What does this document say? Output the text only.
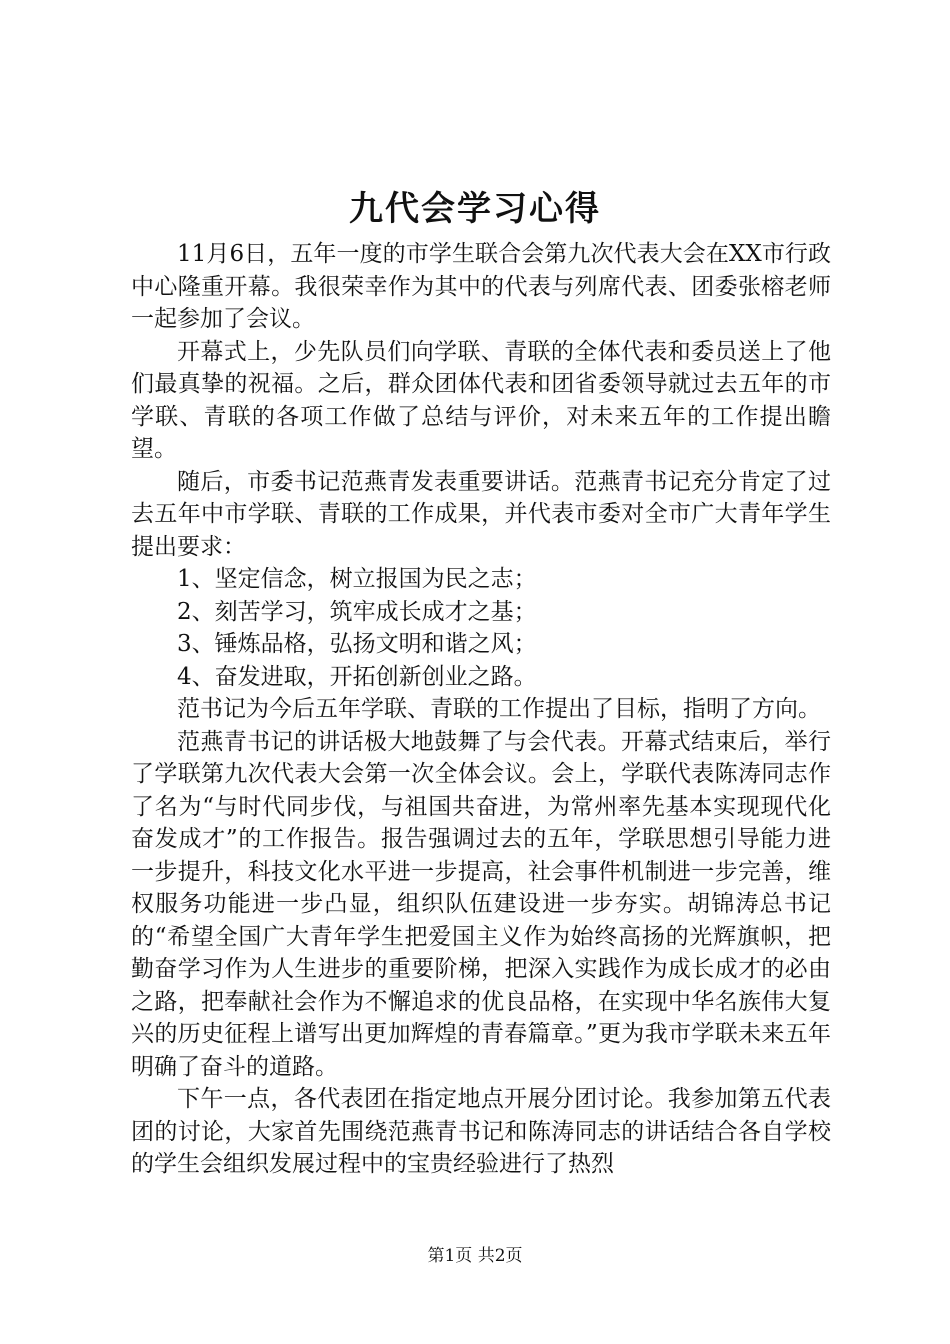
九代会学习心得

11月6日，五年一度的市学生联合会第九次代表大会在XX市行政中心隆重开幕。我很荣幸作为其中的代表与列席代表、团委张榕老师一起参加了会议。

开幕式上，少先队员们向学联、青联的全体代表和委员送上了他们最真挚的祝福。之后，群众团体代表和团省委领导就过去五年的市学联、青联的各项工作做了总结与评价，对未来五年的工作提出瞻望。

随后，市委书记范燕青发表重要讲话。范燕青书记充分肯定了过去五年中市学联、青联的工作成果，并代表市委对全市广大青年学生提出要求：

1、坚定信念，树立报国为民之志；

2、刻苦学习，筑牢成长成才之基；

3、锤炼品格，弘扬文明和谐之风；

4、奋发进取，开拓创新创业之路。

范书记为今后五年学联、青联的工作提出了目标，指明了方向。

范燕青书记的讲话极大地鼓舞了与会代表。开幕式结束后，举行了学联第九次代表大会第一次全体会议。会上，学联代表陈涛同志作了名为“与时代同步伐，与祖国共奋进，为常州率先基本实现现代化奋发成才”的工作报告。报告强调过去的五年，学联思想引导能力进一步提升，科技文化水平进一步提高，社会事件机制进一步完善，维权服务功能进一步凸显，组织队伍建设进一步夯实。胡锦涛总书记的“希望全国广大青年学生把爱国主义作为始终高扬的光辉旗帜，把勤奋学习作为人生进步的重要阶梯，把深入实践作为成长成才的必由之路，把奉献社会作为不懈追求的优良品格，在实现中华名族伟大复兴的历史征程上谱写出更加辉煌的青春篇章。”更为我市学联未来五年明确了奋斗的道路。

下午一点，各代表团在指定地点开展分团讨论。我参加第五代表团的讨论，大家首先围绕范燕青书记和陈涛同志的讲话结合各自学校的学生会组织发展过程中的宝贵经验进行了热烈

第1页 共2页
